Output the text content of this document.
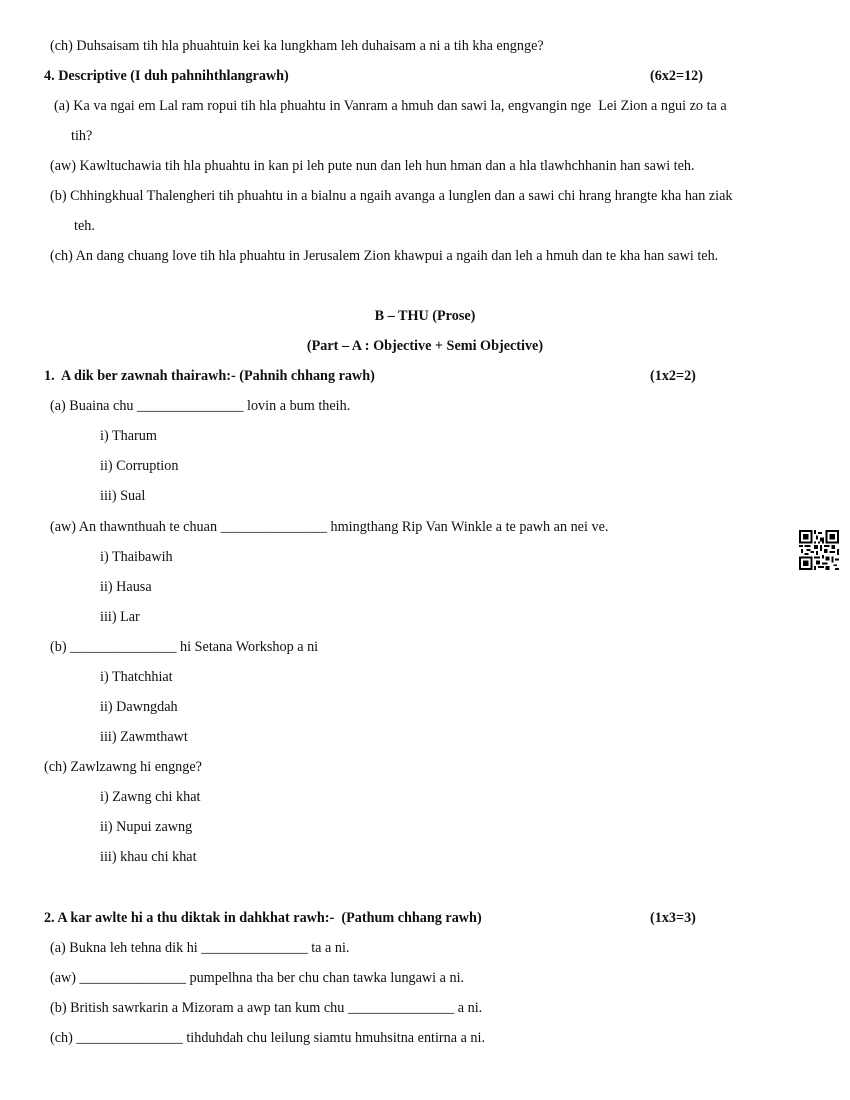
(ch) Duhsaisam tih hla phuahtuin kei ka lungkham leh duhaisam a ni a tih kha engnge?
4. Descriptive (I duh pahnihthlangrawh)	(6x2=12)
(a) Ka va ngai em Lal ram ropui tih hla phuahtu in Vanram a hmuh dan sawi la, engvangin nge  Lei Zion a ngui zo ta a
tih?
(aw) Kawltuchawia tih hla phuahtu in kan pi leh pute nun dan leh hun hman dan a hla tlawhchhanin han sawi teh.
(b) Chhingkhual Thalengheri tih phuahtu in a bialnu a ngaih avanga a lunglen dan a sawi chi hrang hrangte kha han ziak
teh.
(ch) An dang chuang love tih hla phuahtu in Jerusalem Zion khawpui a ngaih dan leh a hmuh dan te kha han sawi teh.
B – THU (Prose)
(Part – A : Objective + Semi Objective)
1.  A dik ber zawnah thairawh:- (Pahnih chhang rawh)	(1x2=2)
(a) Buaina chu _______________ lovin a bum theih.
i) Tharum
ii) Corruption
iii) Sual
(aw) An thawnthuah te chuan _______________ hmingthang Rip Van Winkle a te pawh an nei ve.
i) Thaibawih
ii) Hausa
iii) Lar
(b) _______________ hi Setana Workshop a ni
i) Thatchhiat
ii) Dawngdah
iii) Zawmthawt
(ch) Zawlzawng hi engnge?
i) Zawng chi khat
ii) Nupui zawng
iii) khau chi khat
2. A kar awlte hi a thu diktak in dahkhat rawh:-  (Pathum chhang rawh)	(1x3=3)
(a) Bukna leh tehna dik hi _______________ ta a ni.
(aw) _______________ pumpelhna tha ber chu chan tawka lungawi a ni.
(b) British sawrkarin a Mizoram a awp tan kum chu _______________ a ni.
(ch) _______________ tihduhdah chu leilung siamtu hmuhsitna entirna a ni.
